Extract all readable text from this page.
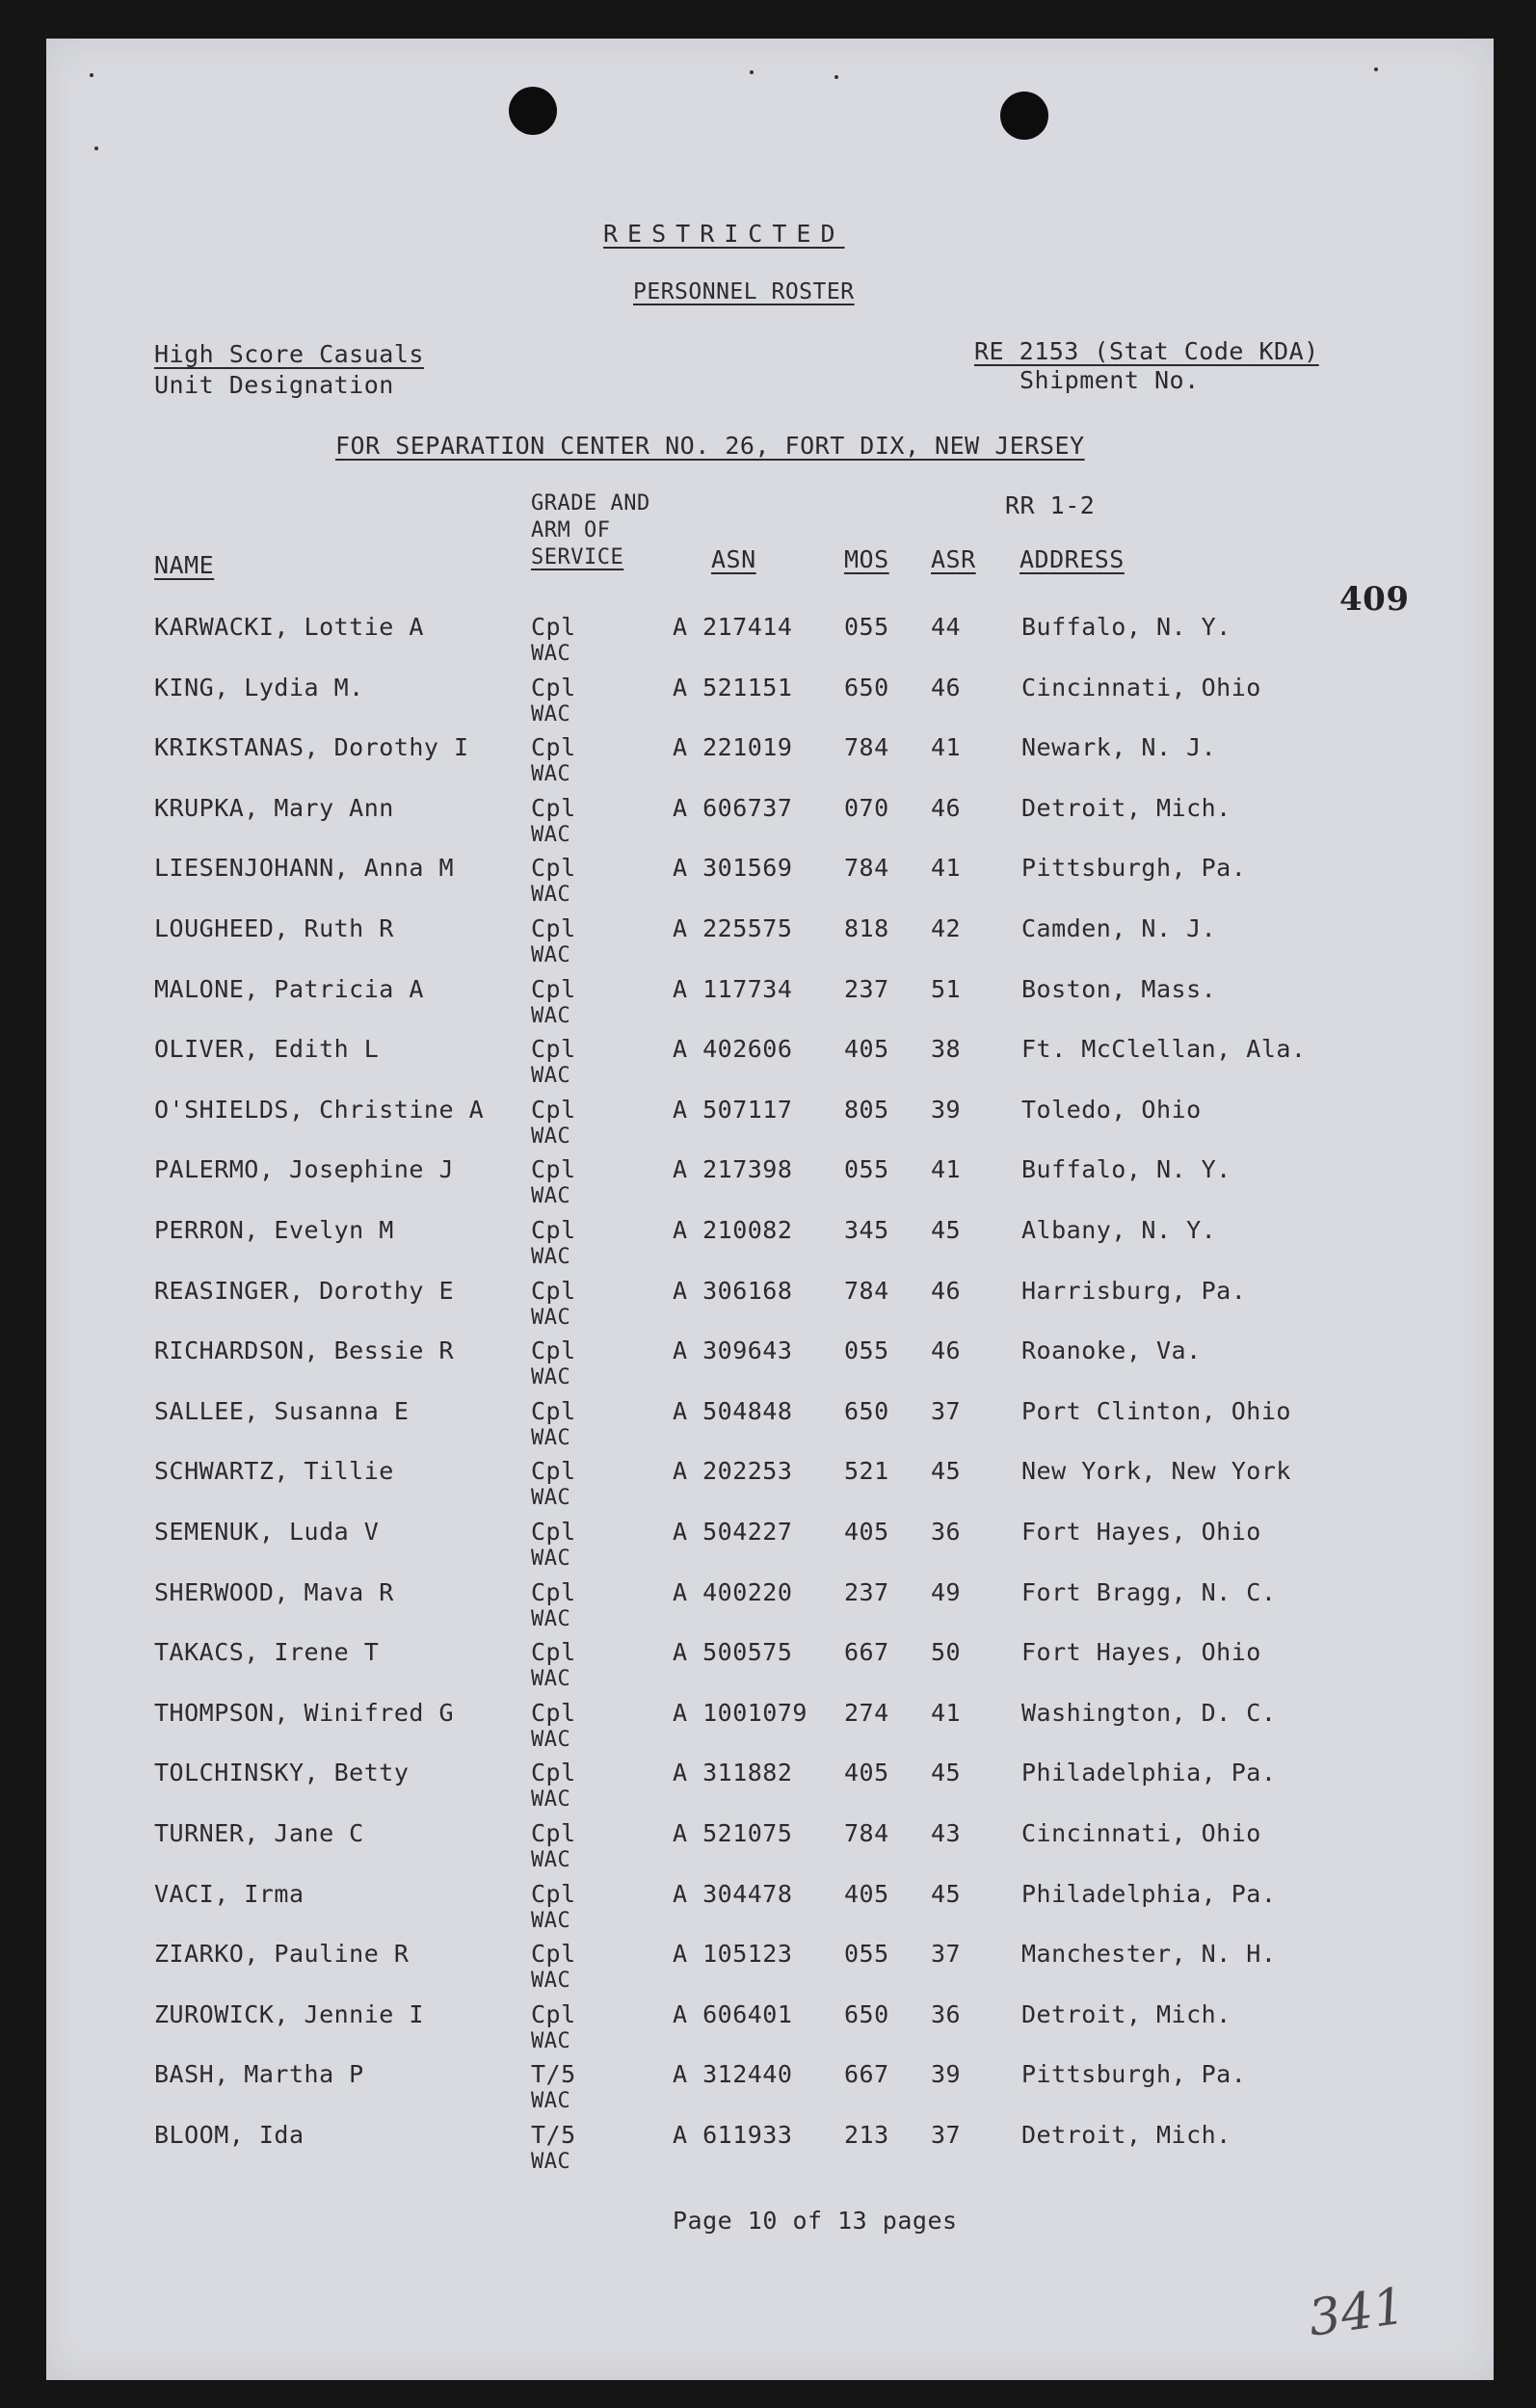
RESTRICTED
PERSONNEL ROSTER
High Score Casuals
Unit Designation
RE 2153 (Stat Code KDA)
Shipment No.
FOR SEPARATION CENTER NO. 26, FORT DIX, NEW JERSEY
GRADE AND
ARM OF
SERVICE
RR 1-2
NAME	ASN	MOS ASR ADDRESS
409
KARWACKI, Lottie A	Cpl	A 217414 055 44	Buffalo, N. Y.
WAC
KING, Lydia M.	Cpl	A 521151 650 46	Cincinnati, Ohio
WAC
KRIKSTANAS, Dorothy I	Cpl	A 221019 784 41	Newark, N. J.
WAC
KRUPKA, Mary Ann	Cpl	A 606737 070 46	Detroit, Mich.
WAC
LIESENJOHANN, Anna M	Cpl	A 301569 784 41	Pittsburgh, Pa.
WAC
LOUGHEED, Ruth R	Cpl	A 225575 818 42	Camden, N. J.
WAC
MALONE, Patricia A	Cpl	A 117734 237 51	Boston, Mass.
WAC
OLIVER, Edith L	Cpl	A 402606 405 38	Ft. McClellan, Ala.
WAC
O'SHIELDS, Christine A Cpl	A 507117 805 39	Toledo, Ohio
WAC
PALERMO, Josephine J	Cpl	A 217398 055 41	Buffalo, N. Y.
WAC
PERRON, Evelyn M	Cpl	A 210082 345 45	Albany, N. Y.
WAC
REASINGER, Dorothy E	Cpl	A 306168 784 46	Harrisburg, Pa.
WAC
RICHARDSON, Bessie R	Cpl	A 309643 055 46	Roanoke, Va.
WAC
SALLEE, Susanna E	Cpl	A 504848 650 37	Port Clinton, Ohio
WAC
SCHWARTZ, Tillie	Cpl	A 202253 521 45	New York, New York
WAC
SEMENUK, Luda V	Cpl	A 504227 405 36	Fort Hayes, Ohio
WAC
SHERWOOD, Mava R	Cpl	A 400220 237 49	Fort Bragg, N. C.
WAC
TAKACS, Irene T	Cpl	A 500575 667 50	Fort Hayes, Ohio
WAC
THOMPSON, Winifred G	Cpl	A 1001079 274 41	Washington, D. C.
WAC
TOLCHINSKY, Betty	Cpl	A 311882 405 45	Philadelphia, Pa.
WAC
TURNER, Jane C	Cpl	A 521075 784 43	Cincinnati, Ohio
WAC
VACI, Irma	Cpl	A 304478 405 45	Philadelphia, Pa.
WAC
ZIARKO, Pauline R	Cpl	A 105123 055 37	Manchester, N. H.
WAC
ZUROWICK, Jennie I	Cpl	A 606401 650 36	Detroit, Mich.
WAC
BASH, Martha P	T/5	A 312440 667 39	Pittsburgh, Pa.
WAC
BLOOM, Ida	T/5	A 611933 213 37	Detroit, Mich.
WAC
Page 10 of 13 pages
341
